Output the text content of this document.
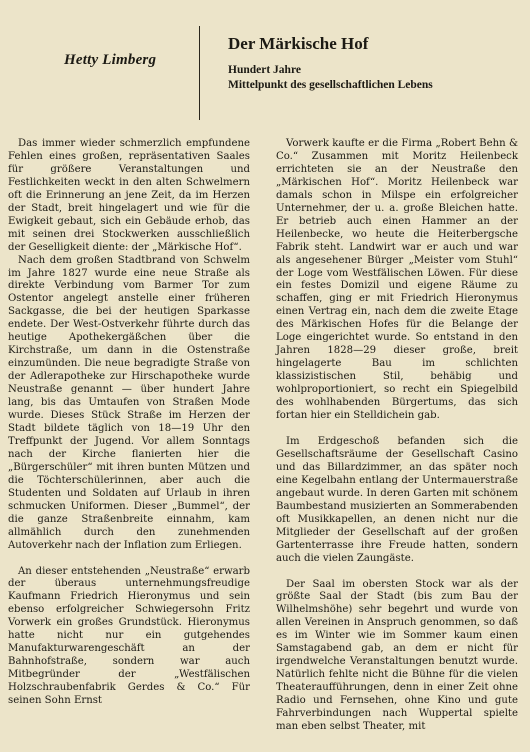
Hetty Limberg
Der Märkische Hof
Hundert Jahre
Mittelpunkt des gesellschaftlichen Lebens

Das immer wieder schmerzlich empfundene Fehlen eines großen, repräsentativen Saales für größere Veranstaltungen und Festlichkeiten weckt in den alten Schwelmern oft die Erinnerung an jene Zeit, da im Herzen der Stadt, breit hingelagert und wie für die Ewigkeit gebaut, sich ein Gebäude erhob, das mit seinen drei Stockwerken ausschließlich der Geselligkeit diente: der „Märkische Hof“.

Nach dem großen Stadtbrand von Schwelm im Jahre 1827 wurde eine neue Straße als direkte Verbindung vom Barmer Tor zum Ostentor angelegt anstelle einer früheren Sackgasse, die bei der heutigen Sparkasse endete. Der West-Ostverkehr führte durch das heutige Apothekergäßchen über die Kirchstraße, um dann in die Ostenstraße einzumünden. Die neue begradigte Straße von der Adlerapotheke zur Hirschapotheke wurde Neustraße genannt — über hundert Jahre lang, bis das Umtaufen von Straßen Mode wurde. Dieses Stück Straße im Herzen der Stadt bildete täglich von 18—19 Uhr den Treffpunkt der Jugend. Vor allem Sonntags nach der Kirche flanierten hier die „Bürgerschüler“ mit ihren bunten Mützen und die Töchterschülerinnen, aber auch die Studenten und Soldaten auf Urlaub in ihren schmucken Uniformen. Dieser „Bummel“, der die ganze Straßenbreite einnahm, kam allmählich durch den zunehmenden Autoverkehr nach der Inflation zum Erliegen.

An dieser entstehenden „Neustraße“ erwarb der überaus unternehmungsfreudige Kaufmann Friedrich Hieronymus und sein ebenso erfolgreicher Schwiegersohn Fritz Vorwerk ein großes Grundstück. Hieronymus hatte nicht nur ein gutgehendes Manufakturwarengeschäft an der Bahnhofstraße, sondern war auch Mitbegründer der „Westfälischen Holzschraubenfabrik Gerdes & Co.“ Für seinen Sohn Ernst

Vorwerk kaufte er die Firma „Robert Behn & Co.“ Zusammen mit Moritz Heilenbeck errichteten sie an der Neustraße den „Märkischen Hof“. Moritz Heilenbeck war damals schon in Milspe ein erfolgreicher Unternehmer, der u. a. große Bleichen hatte. Er betrieb auch einen Hammer an der Heilenbecke, wo heute die Heiterbergsche Fabrik steht. Landwirt war er auch und war als angesehener Bürger „Meister vom Stuhl“ der Loge vom Westfälischen Löwen. Für diese ein festes Domizil und eigene Räume zu schaffen, ging er mit Friedrich Hieronymus einen Vertrag ein, nach dem die zweite Etage des Märkischen Hofes für die Belange der Loge eingerichtet wurde. So entstand in den Jahren 1828—29 dieser große, breit hingelagerte Bau im schlichten klassizistischen Stil, behäbig und wohlproportioniert, so recht ein Spiegelbild des wohlhabenden Bürgertums, das sich fortan hier ein Stelldichein gab.

Im Erdgeschoß befanden sich die Gesellschaftsräume der Gesellschaft Casino und das Billardzimmer, an das später noch eine Kegelbahn entlang der Untermauerstraße angebaut wurde. In deren Garten mit schönem Baumbestand musizierten an Sommerabenden oft Musikkapellen, an denen nicht nur die Mitglieder der Gesellschaft auf der großen Gartenterrasse ihre Freude hatten, sondern auch die vielen Zaungäste.

Der Saal im obersten Stock war als der größte Saal der Stadt (bis zum Bau der Wilhelmshöhe) sehr begehrt und wurde von allen Vereinen in Anspruch genommen, so daß es im Winter wie im Sommer kaum einen Samstagabend gab, an dem er nicht für irgendwelche Veranstaltungen benutzt wurde. Natürlich fehlte nicht die Bühne für die vielen Theateraufführungen, denn in einer Zeit ohne Radio und Fernsehen, ohne Kino und gute Fahrverbindungen nach Wuppertal spielte man eben selbst Theater, mit
